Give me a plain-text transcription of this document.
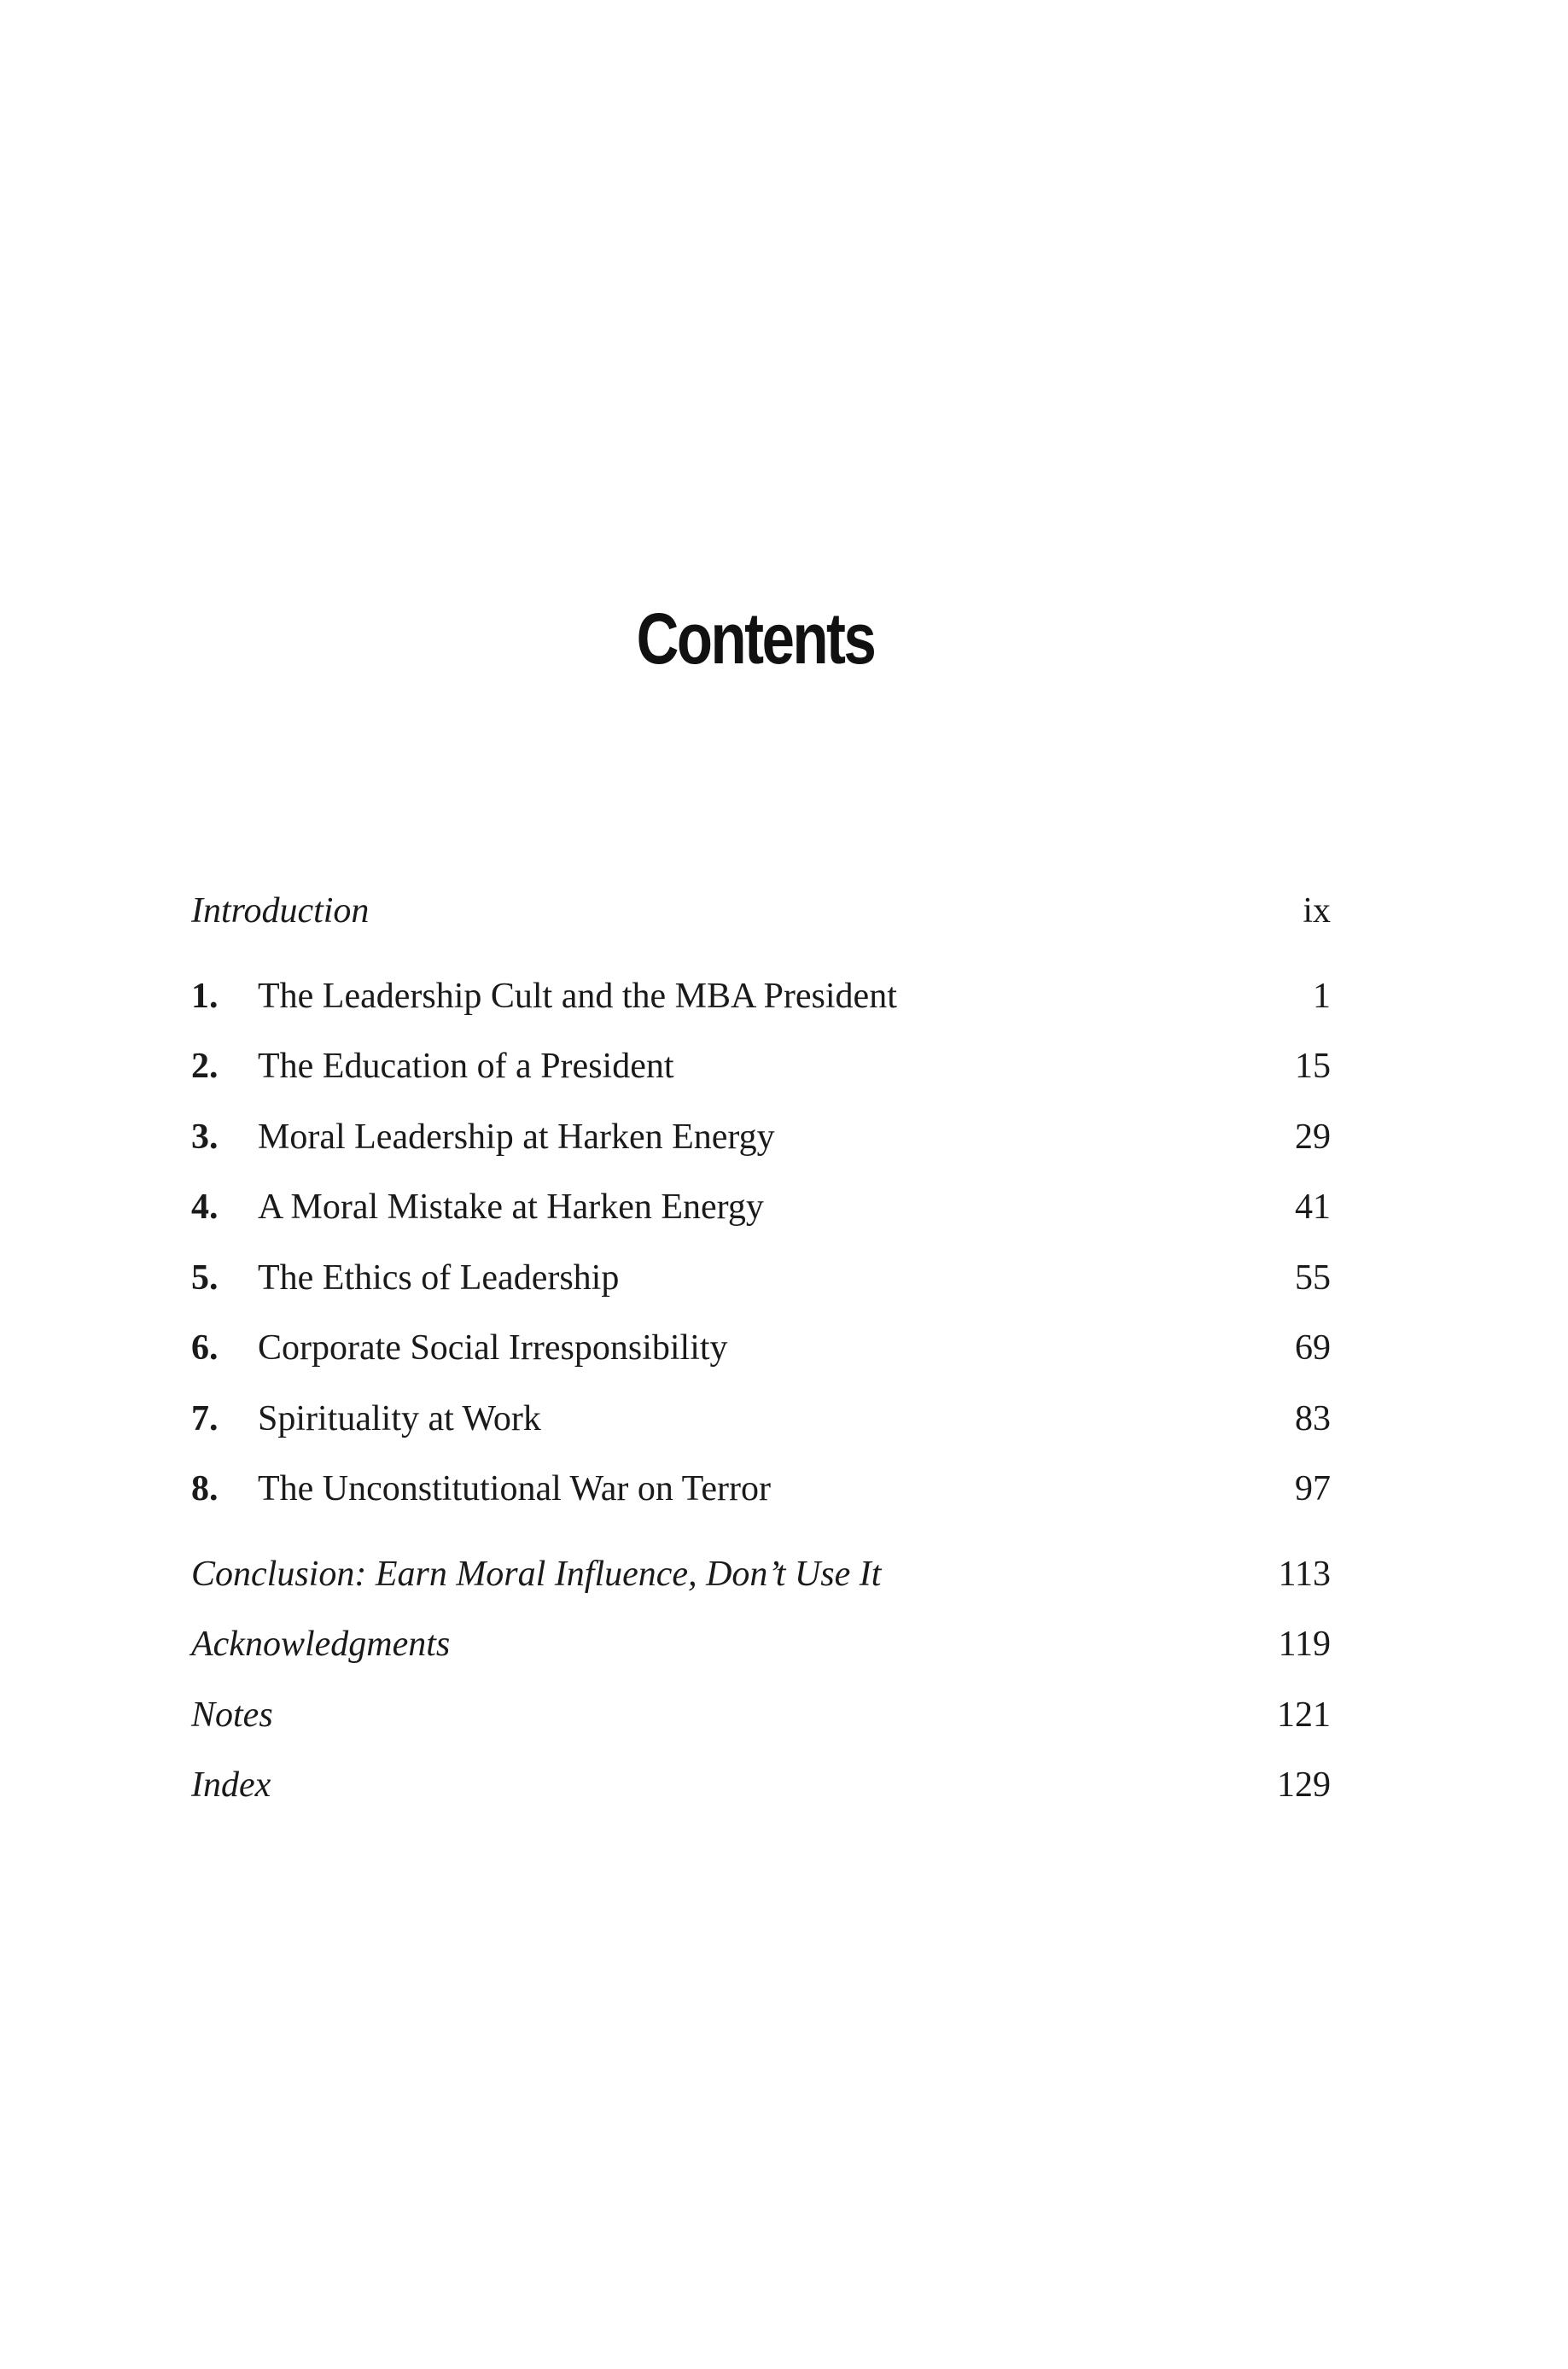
Contents
Introduction	ix
1. The Leadership Cult and the MBA President	1
2. The Education of a President	15
3. Moral Leadership at Harken Energy	29
4. A Moral Mistake at Harken Energy	41
5. The Ethics of Leadership	55
6. Corporate Social Irresponsibility	69
7. Spirituality at Work	83
8. The Unconstitutional War on Terror	97
Conclusion: Earn Moral Influence, Don’t Use It	113
Acknowledgments	119
Notes	121
Index	129
